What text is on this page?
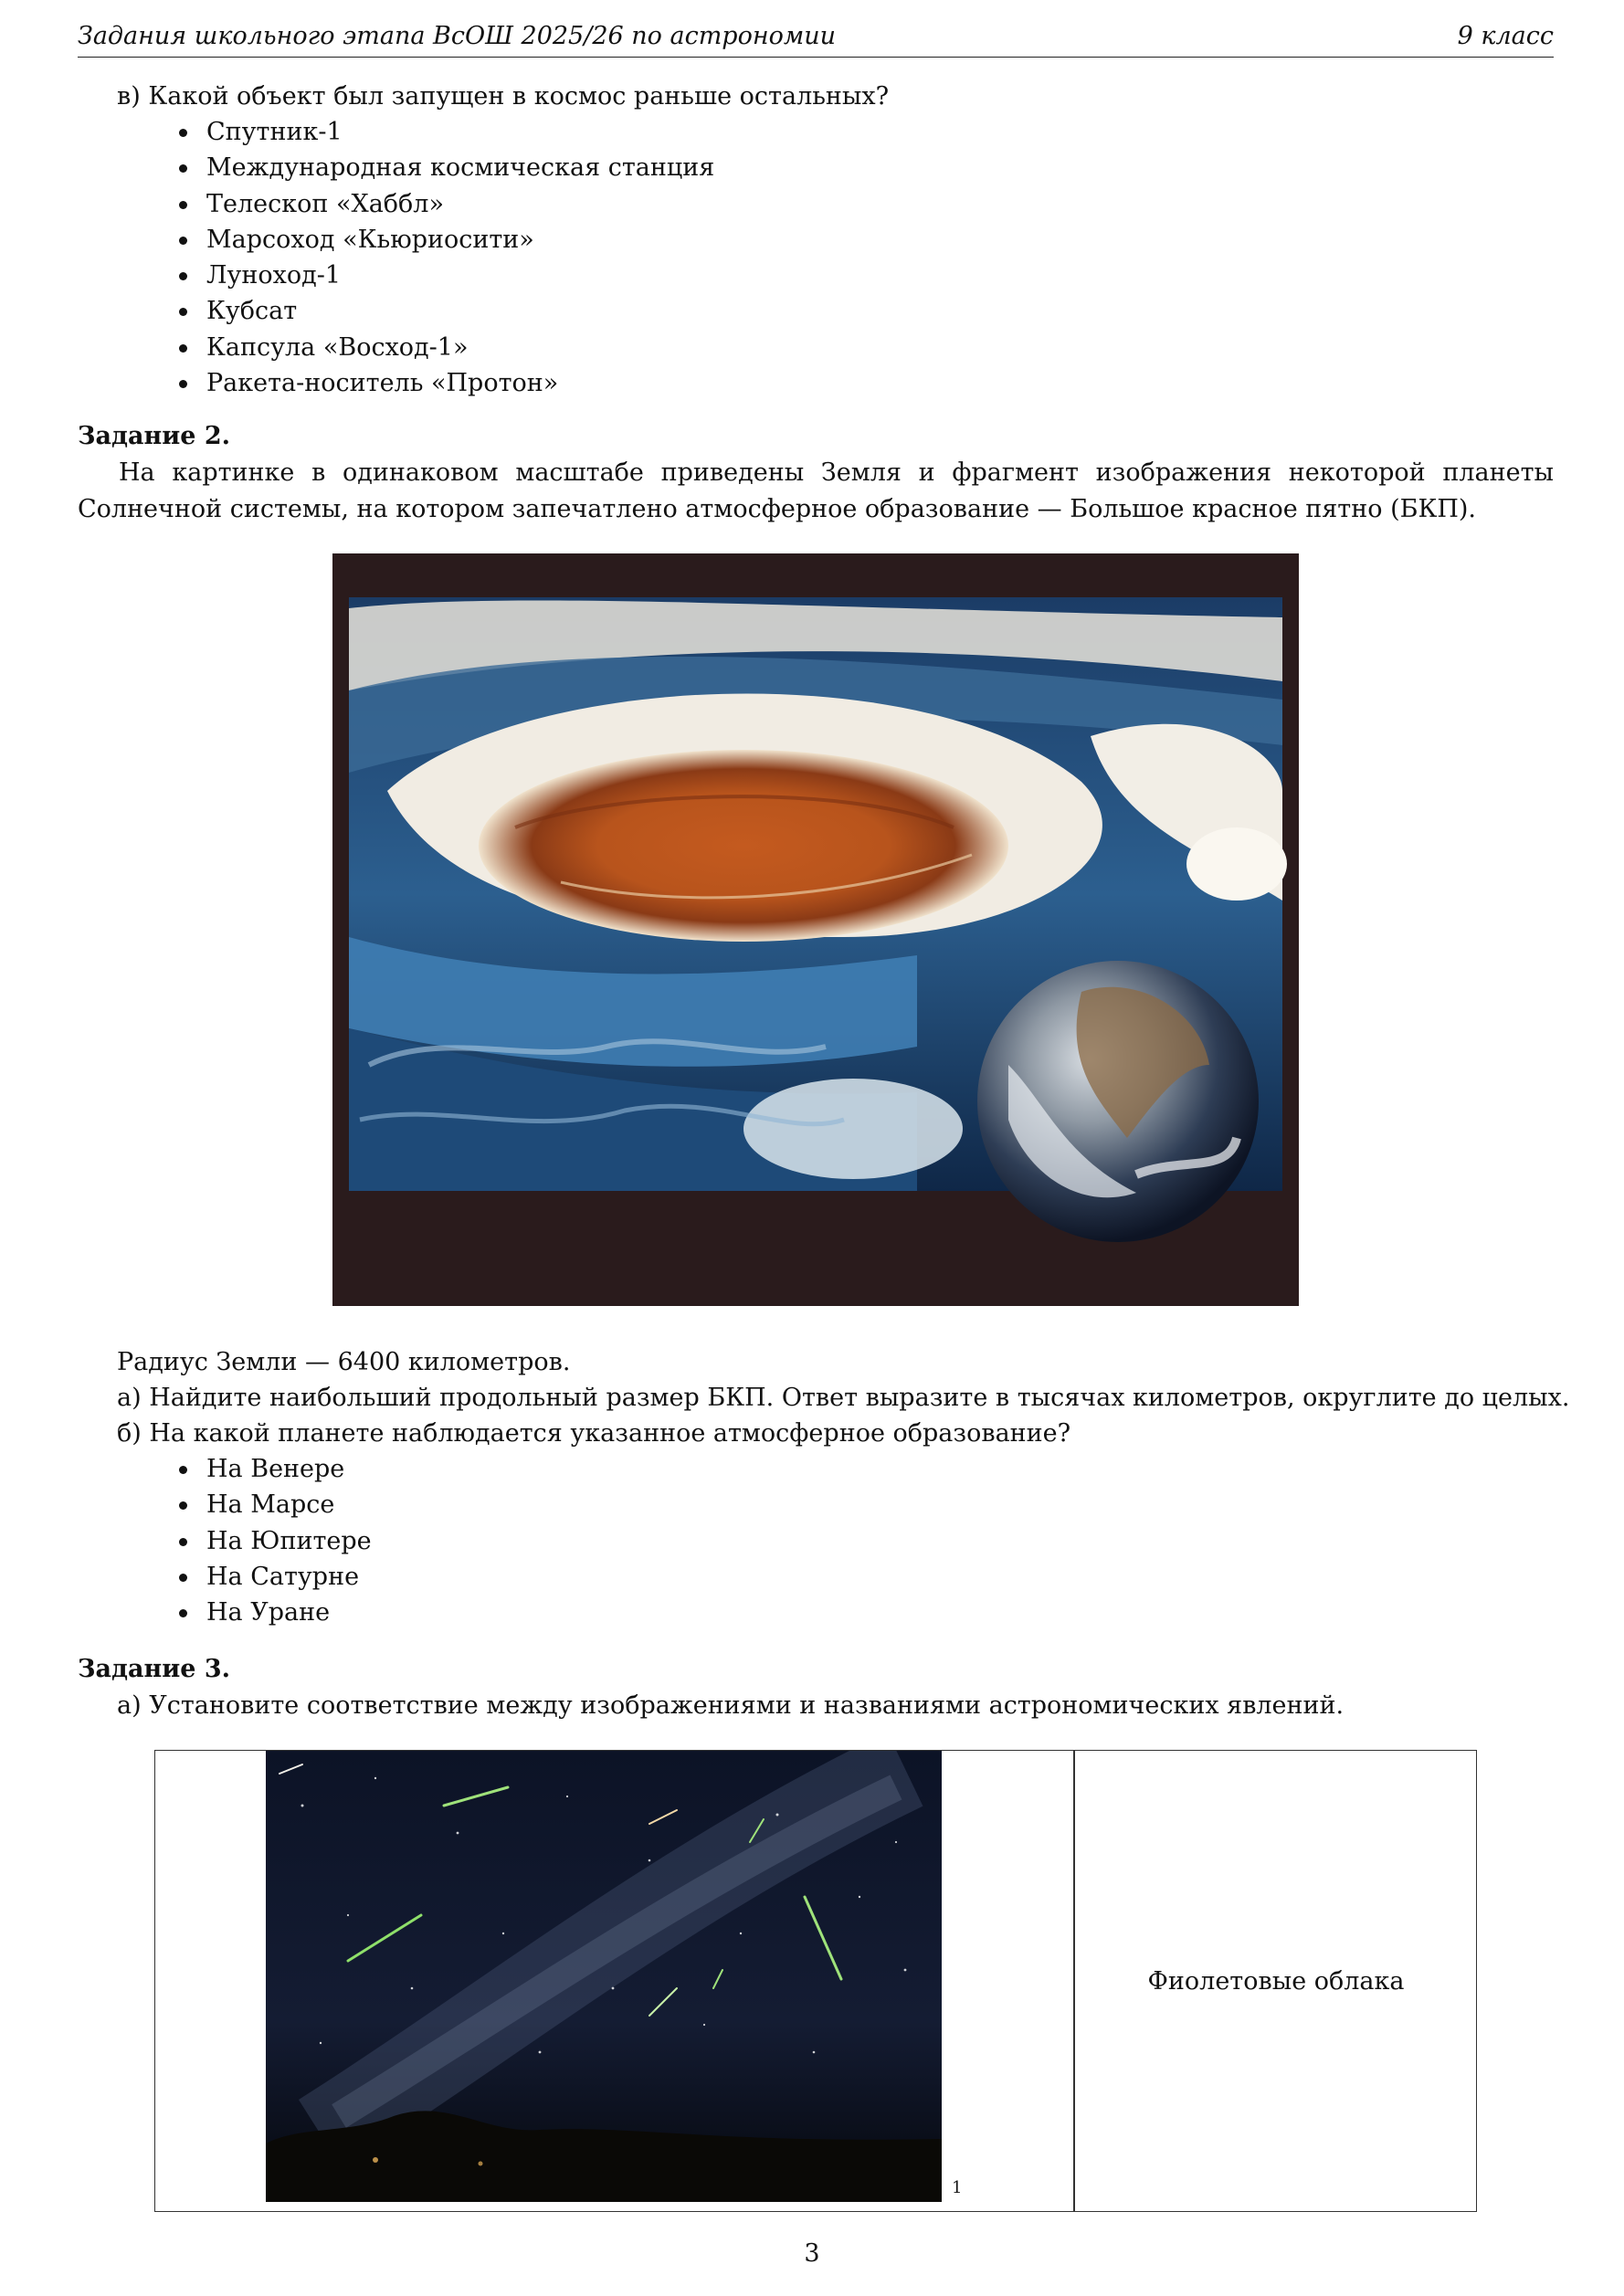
Задания школьного этапа ВсОШ 2025/26 по астрономии	9 класс
в) Какой объект был запущен в космос раньше остальных?
Спутник-1
Международная космическая станция
Телескоп «Хаббл»
Марсоход «Кьюриосити»
Луноход-1
Кубсат
Капсула «Восход-1»
Ракета-носитель «Протон»
Задание 2.
На картинке в одинаковом масштабе приведены Земля и фрагмент изображения некоторой планеты Солнечной системы, на котором запечатлено атмосферное образование — Большое красное пятно (БКП).
Радиус Земли — 6400 километров.
а) Найдите наибольший продольный размер БКП. Ответ выразите в тысячах километров, округлите до целых.
б) На какой планете наблюдается указанное атмосферное образование?
На Венере
На Марсе
На Юпитере
На Сатурне
На Уране
Задание 3.
а) Установите соответствие между изображениями и названиями астрономических явлений.
1
Фиолетовые облака
3
